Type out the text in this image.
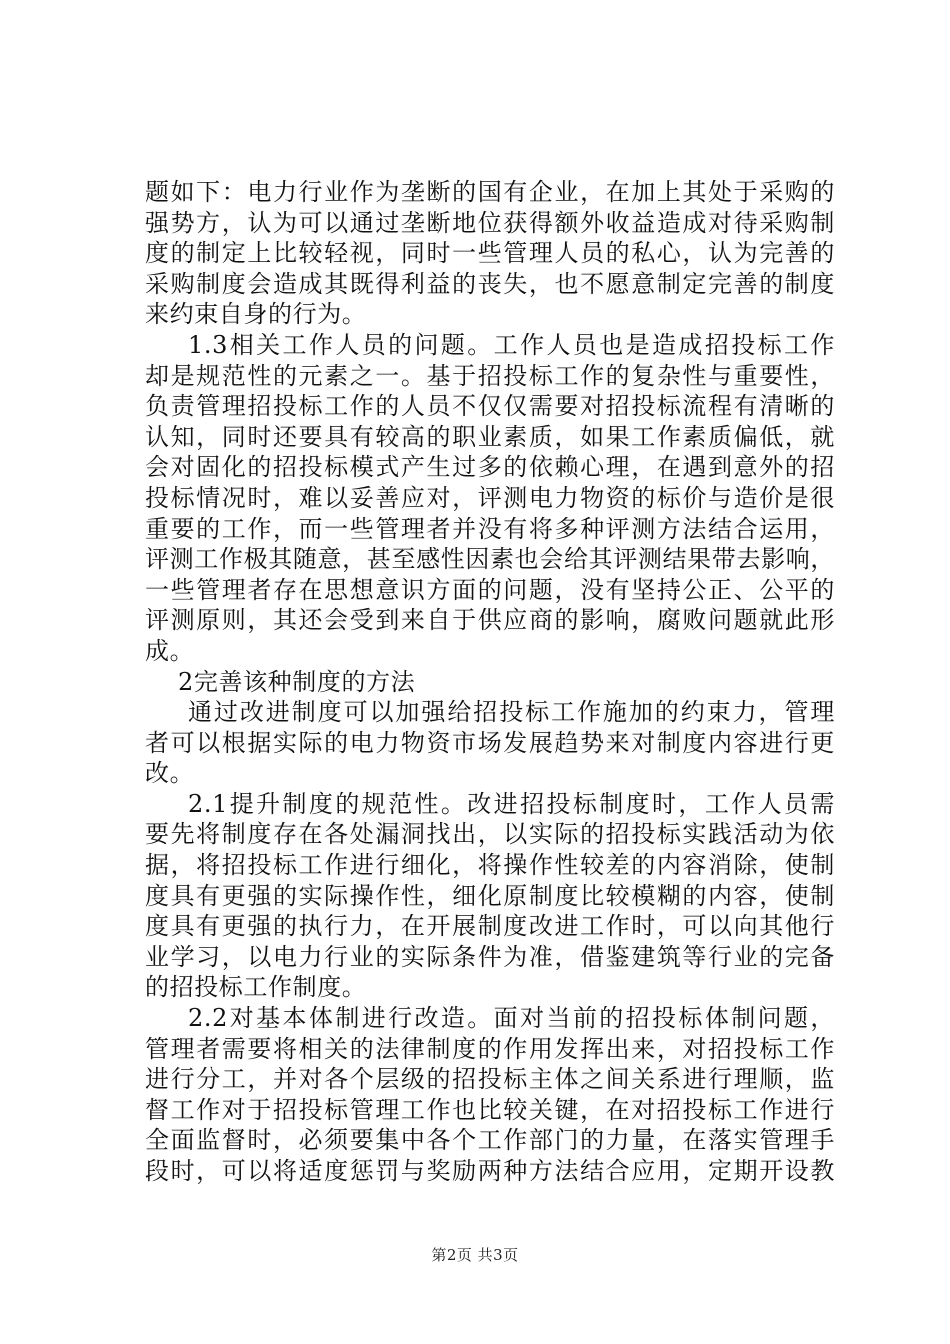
题如下：电力行业作为垄断的国有企业，在加上其处于采购的
强势方，认为可以通过垄断地位获得额外收益造成对待采购制
度的制定上比较轻视，同时一些管理人员的私心，认为完善的
采购制度会造成其既得利益的丧失，也不愿意制定完善的制度
来约束自身的行为。
1.3相关工作人员的问题。工作人员也是造成招投标工作
却是规范性的元素之一。基于招投标工作的复杂性与重要性，
负责管理招投标工作的人员不仅仅需要对招投标流程有清晰的
认知，同时还要具有较高的职业素质，如果工作素质偏低，就
会对固化的招投标模式产生过多的依赖心理，在遇到意外的招
投标情况时，难以妥善应对，评测电力物资的标价与造价是很
重要的工作，而一些管理者并没有将多种评测方法结合运用，
评测工作极其随意，甚至感性因素也会给其评测结果带去影响，
一些管理者存在思想意识方面的问题，没有坚持公正、公平的
评测原则，其还会受到来自于供应商的影响，腐败问题就此形
成。
2完善该种制度的方法
通过改进制度可以加强给招投标工作施加的约束力，管理
者可以根据实际的电力物资市场发展趋势来对制度内容进行更
改。
2.1提升制度的规范性。改进招投标制度时，工作人员需
要先将制度存在各处漏洞找出，以实际的招投标实践活动为依
据，将招投标工作进行细化，将操作性较差的内容消除，使制
度具有更强的实际操作性，细化原制度比较模糊的内容，使制
度具有更强的执行力，在开展制度改进工作时，可以向其他行
业学习，以电力行业的实际条件为准，借鉴建筑等行业的完备
的招投标工作制度。
2.2对基本体制进行改造。面对当前的招投标体制问题，
管理者需要将相关的法律制度的作用发挥出来，对招投标工作
进行分工，并对各个层级的招投标主体之间关系进行理顺，监
督工作对于招投标管理工作也比较关键，在对招投标工作进行
全面监督时，必须要集中各个工作部门的力量，在落实管理手
段时，可以将适度惩罚与奖励两种方法结合应用，定期开设教
第2页 共3页
